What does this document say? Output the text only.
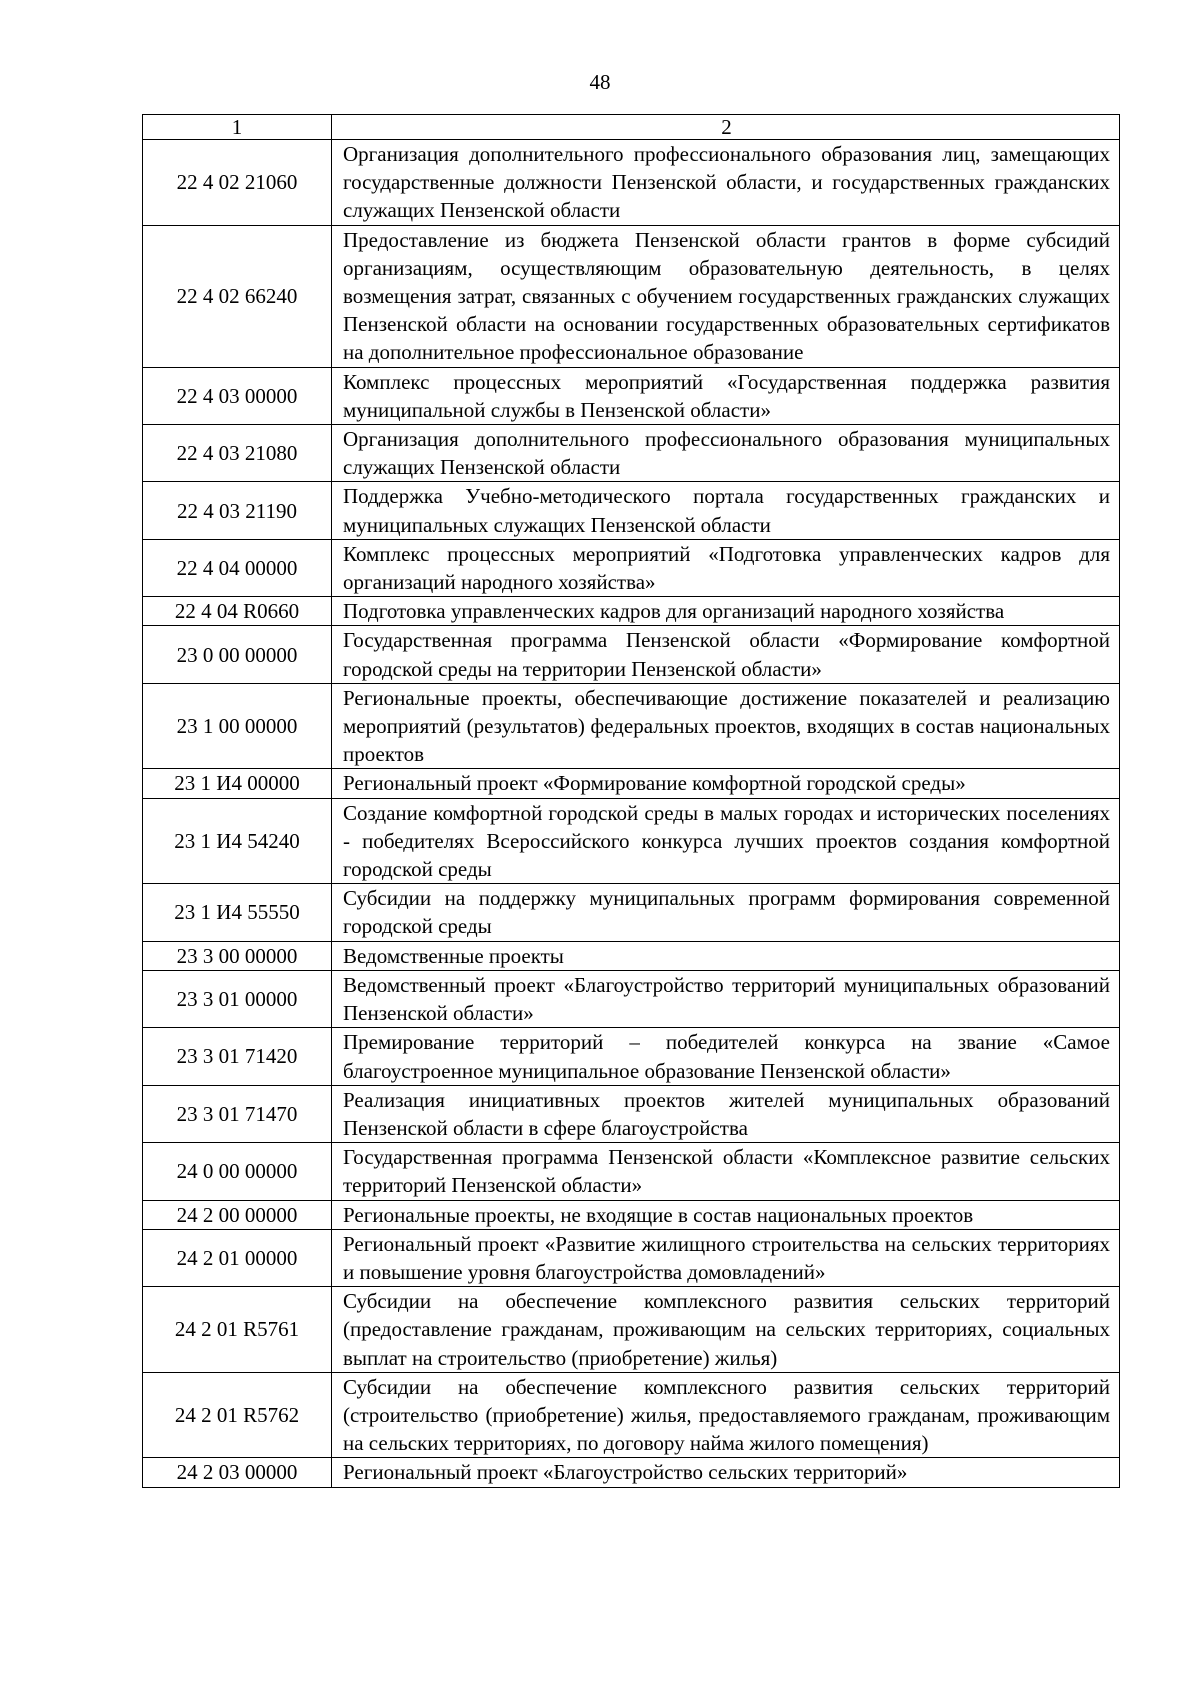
48
1	2
22 4 02 21060	Организация дополнительного профессионального образования лиц, замещающих государственные должности Пензенской области, и государственных гражданских служащих Пензенской области
22 4 02 66240	Предоставление из бюджета Пензенской области грантов в форме субсидий организациям, осуществляющим образовательную деятельность, в целях возмещения затрат, связанных с обучением государственных гражданских служащих Пензенской области на основании государственных образовательных сертификатов на дополнительное профессиональное образование
22 4 03 00000	Комплекс процессных мероприятий «Государственная поддержка развития муниципальной службы в Пензенской области»
22 4 03 21080	Организация дополнительного профессионального образования муниципальных служащих Пензенской области
22 4 03 21190	Поддержка Учебно-методического портала государственных гражданских и муниципальных служащих Пензенской области
22 4 04 00000	Комплекс процессных мероприятий «Подготовка управленческих кадров для организаций народного хозяйства»
22 4 04 R0660	Подготовка управленческих кадров для организаций народного хозяйства
23 0 00 00000	Государственная программа Пензенской области «Формирование комфортной городской среды на территории Пензенской области»
23 1 00 00000	Региональные проекты, обеспечивающие достижение показателей и реализацию мероприятий (результатов) федеральных проектов, входящих в состав национальных проектов
23 1 И4 00000	Региональный проект «Формирование комфортной городской среды»
23 1 И4 54240	Создание комфортной городской среды в малых городах и исторических поселениях - победителях Всероссийского конкурса лучших проектов создания комфортной городской среды
23 1 И4 55550	Субсидии на поддержку муниципальных программ формирования современной городской среды
23 3 00 00000	Ведомственные проекты
23 3 01 00000	Ведомственный проект «Благоустройство территорий муниципальных образований Пензенской области»
23 3 01 71420	Премирование территорий – победителей конкурса на звание «Самое благоустроенное муниципальное образование Пензенской области»
23 3 01 71470	Реализация инициативных проектов жителей муниципальных образований Пензенской области в сфере благоустройства
24 0 00 00000	Государственная программа Пензенской области «Комплексное развитие сельских территорий Пензенской области»
24 2 00 00000	Региональные проекты, не входящие в состав национальных проектов
24 2 01 00000	Региональный проект «Развитие жилищного строительства на сельских территориях и повышение уровня благоустройства домовладений»
24 2 01 R5761	Субсидии на обеспечение комплексного развития сельских территорий (предоставление гражданам, проживающим на сельских территориях, социальных выплат на строительство (приобретение) жилья)
24 2 01 R5762	Субсидии на обеспечение комплексного развития сельских территорий (строительство (приобретение) жилья, предоставляемого гражданам, проживающим на сельских территориях, по договору найма жилого помещения)
24 2 03 00000	Региональный проект «Благоустройство сельских территорий»
